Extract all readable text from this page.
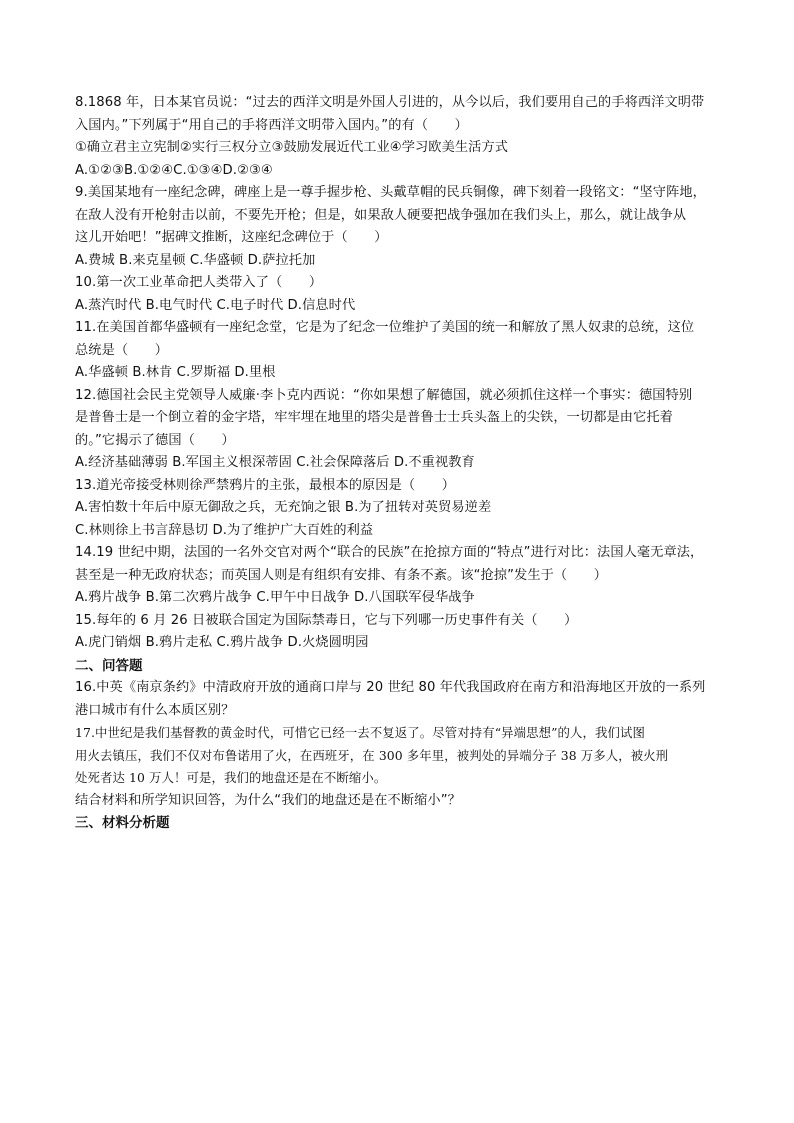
8.1868 年，日本某官员说：“过去的西洋文明是外国人引进的，从今以后，我们要用自己的手将西洋文明带

入国内。”下列属于“用自己的手将西洋文明带入国内。”的有（　　）

①确立君主立宪制②实行三权分立③鼓励发展近代工业④学习欧美生活方式

A.①②③B.①②④C.①③④D.②③④

9.美国某地有一座纪念碑，碑座上是一尊手握步枪、头戴草帽的民兵铜像，碑下刻着一段铭文：“坚守阵地，

在敌人没有开枪射击以前，不要先开枪；但是，如果敌人硬要把战争强加在我们头上，那么，就让战争从

这儿开始吧！”据碑文推断，这座纪念碑位于（　　）

A.费城 B.来克星顿 C.华盛顿 D.萨拉托加

10.第一次工业革命把人类带入了（　　）

A.蒸汽时代 B.电气时代 C.电子时代 D.信息时代

11.在美国首都华盛顿有一座纪念堂，它是为了纪念一位维护了美国的统一和解放了黑人奴隶的总统，这位

总统是（　　）

A.华盛顿 B.林肯 C.罗斯福 D.里根

12.德国社会民主党领导人威廉·李卜克内西说：“你如果想了解德国，就必须抓住这样一个事实：德国特别

是普鲁士是一个倒立着的金字塔，牢牢埋在地里的塔尖是普鲁士士兵头盔上的尖铁，一切都是由它托着

的。”它揭示了德国（　　）

A.经济基础薄弱 B.军国主义根深蒂固 C.社会保障落后 D.不重视教育

13.道光帝接受林则徐严禁鸦片的主张，最根本的原因是（　　）

A.害怕数十年后中原无御敌之兵，无充饷之银 B.为了扭转对英贸易逆差

C.林则徐上书言辞恳切 D.为了维护广大百姓的利益

14.19 世纪中期，法国的一名外交官对两个“联合的民族”在抢掠方面的“特点”进行对比：法国人毫无章法，

甚至是一种无政府状态；而英国人则是有组织有安排、有条不紊。该“抢掠”发生于（　　）

A.鸦片战争 B.第二次鸦片战争 C.甲午中日战争 D.八国联军侵华战争

15.每年的 6 月 26 日被联合国定为国际禁毒日，它与下列哪一历史事件有关（　　）

A.虎门销烟 B.鸦片走私 C.鸦片战争 D.火烧圆明园

二、问答题

16.中英《南京条约》中清政府开放的通商口岸与 20 世纪 80 年代我国政府在南方和沿海地区开放的一系列

港口城市有什么本质区别？

17.中世纪是我们基督教的黄金时代，可惜它已经一去不复返了。尽管对持有“异端思想”的人，我们试图

用火去镇压，我们不仅对布鲁诺用了火，在西班牙，在 300 多年里，被判处的异端分子 38 万多人，被火刑

处死者达 10 万人！可是，我们的地盘还是在不断缩小。

结合材料和所学知识回答，为什么“我们的地盘还是在不断缩小”？

三、材料分析题
